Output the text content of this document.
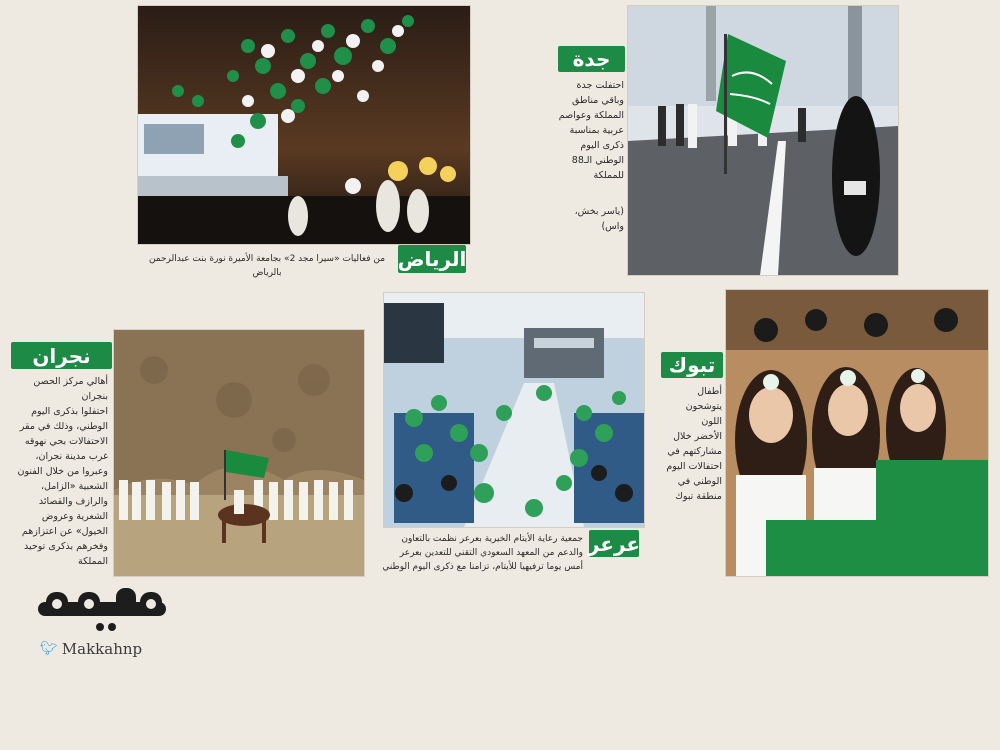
الرياض
من فعاليات «سيرا مجد 2» بجامعة الأميرة نورة بنت عبدالرحمن بالرياض
جدة
احتفلت جدة
وباقي مناطق
المملكة وعواصم
عربية بمناسبة
ذكرى اليوم
الوطني الـ88
للمملكة
(ياسر بخش،
واس)
نجران
أهالي مركز الحصن بنجران
احتفلوا بذكرى اليوم
الوطني، وذلك في مقر
الاحتفالات بحي نهوقه
غرب مدينة نجران،
وعبروا من خلال الفنون
الشعبية «الزامل،
والرازف والقصائد
الشعرية وعروض
الخيول» عن اعتزازهم
وفخرهم بذكرى توحيد
المملكة
عرعر
جمعية رعاية الأيتام الخيرية بعرعر نظمت بالتعاون
والدعم من المعهد السعودي التقني للتعدين بعرعر
أمس يوما ترفيهيا للأيتام، تزامنا مع ذكرى اليوم الوطني
تبوك
أطفال
يتوشحون
اللون
الأخضر خلال
مشاركتهم في
احتفالات اليوم
الوطني في
منطقة تبوك
🐦︎ Makkahnp
